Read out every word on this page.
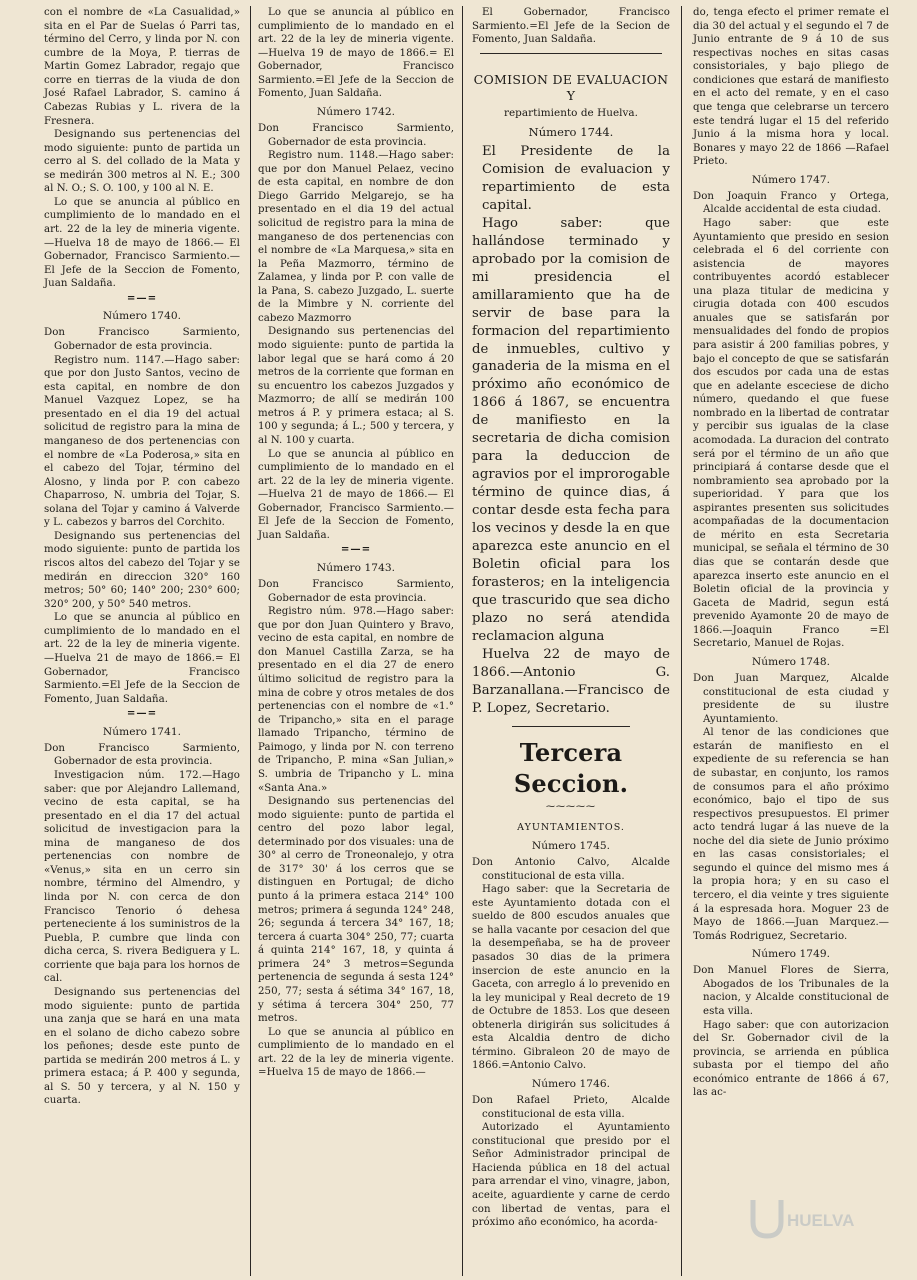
con el nombre de «La Casualidad,» sita en el Par de Suelas ó Parri tas, término del Cerro, y linda por N. con cumbre de la Moya, P. tierras de Martin Gomez Labrador, regajo que corre en tierras de la viuda de don José Rafael Labrador, S. camino á Cabezas Rubias y L. rivera de la Fresnera.

Designando sus pertenencias del modo siguiente: punto de partida un cerro al S. del collado de la Mata y se medirán 300 metros al N. E.; 300 al N. O.; S. O. 100, y 100 al N. E.

Lo que se anuncia al público en cumplimiento de lo mandado en el art. 22 de la ley de mineria vigente. —Huelva 18 de mayo de 1866.— El Gobernador, Francisco Sarmiento.—El Jefe de la Seccion de Fomento, Juan Saldaña.

=—=
Número 1740.

Don Francisco Sarmiento, Gobernador de esta provincia.

Registro num. 1147.—Hago saber: que por don Justo Santos, vecino de esta capital, en nombre de don Manuel Vazquez Lopez, se ha presentado en el dia 19 del actual solicitud de registro para la mina de manganeso de dos pertenencias con el nombre de «La Poderosa,» sita en el cabezo del Tojar, término del Alosno, y linda por P. con cabezo Chaparroso, N. umbria del Tojar, S. solana del Tojar y camino á Valverde y L. cabezos y barros del Corchito.

Designando sus pertenencias del modo siguiente: punto de partida los riscos altos del cabezo del Tojar y se medirán en direccion 320° 160 metros; 50° 60; 140° 200; 230° 600; 320° 200, y 50° 540 metros.

Lo que se anuncia al público en cumplimiento de lo mandado en el art. 22 de la ley de mineria vigente. —Huelva 21 de mayo de 1866.= El Gobernador, Francisco Sarmiento.=El Jefe de la Seccion de Fomento, Juan Saldaña.

=—=
Número 1741.

Don Francisco Sarmiento, Gobernador de esta provincia.

Investigacion núm. 172.—Hago saber: que por Alejandro Lallemand, vecino de esta capital, se ha presentado en el dia 17 del actual solicitud de investigacion para la mina de manganeso de dos pertenencias con nombre de «Venus,» sita en un cerro sin nombre, término del Almendro, y linda por N. con cerca de don Francisco Tenorio ó dehesa perteneciente á los suministros de la Puebla, P. cumbre que linda con dicha cerca, S. rivera Bediguera y L. corriente que baja para los hornos de cal.

Designando sus pertenencias del modo siguiente: punto de partida una zanja que se hará en una mata en el solano de dicho cabezo sobre los peñones; desde este punto de partida se medirán 200 metros á L. y primera estaca; á P. 400 y segunda, al S. 50 y tercera, y al N. 150 y cuarta.

Lo que se anuncia al público en cumplimiento de lo mandado en el art. 22 de la ley de mineria vigente. —Huelva 19 de mayo de 1866.= El Gobernador, Francisco Sarmiento.=El Jefe de la Seccion de Fomento, Juan Saldaña.

Número 1742.

Don Francisco Sarmiento, Gobernador de esta provincia.

Registro num. 1148.—Hago saber: que por don Manuel Pelaez, vecino de esta capital, en nombre de don Diego Garrido Melgarejo, se ha presentado en el dia 19 del actual solicitud de registro para la mina de manganeso de dos pertenencias con el nombre de «La Marquesa,» sita en la Peña Mazmorro, término de Zalamea, y linda por P. con valle de la Pana, S. cabezo Juzgado, L. suerte de la Mimbre y N. corriente del cabezo Mazmorro

Designando sus pertenencias del modo siguiente: punto de partida la labor legal que se hará como á 20 metros de la corriente que forman en su encuentro los cabezos Juzgados y Mazmorro; de allí se medirán 100 metros á P. y primera estaca; al S. 100 y segunda; á L.; 500 y tercera, y al N. 100 y cuarta.

Lo que se anuncia al público en cumplimiento de lo mandado en el art. 22 de la ley de mineria vigente. —Huelva 21 de mayo de 1866.— El Gobernador, Francisco Sarmiento.—El Jefe de la Seccion de Fomento, Juan Saldaña.

=—=
Número 1743.

Don Francisco Sarmiento, Gobernador de esta provincia.

Registro núm. 978.—Hago saber: que por don Juan Quintero y Bravo, vecino de esta capital, en nombre de don Manuel Castilla Zarza, se ha presentado en el dia 27 de enero último solicitud de registro para la mina de cobre y otros metales de dos pertenencias con el nombre de «1.° de Tripancho,» sita en el parage llamado Tripancho, término de Paimogo, y linda por N. con terreno de Tripancho, P. mina «San Julian,» S. umbria de Tripancho y L. mina «Santa Ana.»

Designando sus pertenencias del modo siguiente: punto de partida el centro del pozo labor legal, determinado por dos visuales: una de 30° al cerro de Troneonalejo, y otra de 317° 30' á los cerros que se distinguen en Portugal; de dicho punto á la primera estaca 214° 100 metros; primera á segunda 124° 248, 26; segunda á tercera 34° 167, 18; tercera á cuarta 304° 250, 77; cuarta á quinta 214° 167, 18, y quinta á primera 24° 3 metros=Segunda pertenencia de segunda á sesta 124° 250, 77; sesta á sétima 34° 167, 18, y sétima á tercera 304° 250, 77 metros.

Lo que se anuncia al público en cumplimiento de lo mandado en el art. 22 de la ley de mineria vigente. =Huelva 15 de mayo de 1866.—

El Gobernador, Francisco Sarmiento.=El Jefe de la Secion de Fomento, Juan Saldaña.

COMISION DE EVALUACION Y
repartimiento de Huelva.
Número 1744.

El Presidente de la Comision de evaluacion y repartimiento de esta capital.

Hago saber: que hallándose terminado y aprobado por la comision de mi presidencia el amillaramiento que ha de servir de base para la formacion del repartimiento de inmuebles, cultivo y ganaderia de la misma en el próximo año económico de 1866 á 1867, se encuentra de manifiesto en la secretaria de dicha comision para la deduccion de agravios por el improrogable término de quince dias, á contar desde esta fecha para los vecinos y desde la en que aparezca este anuncio en el Boletin oficial para los forasteros; en la inteligencia que trascurido que sea dicho plazo no será atendida reclamacion alguna

Huelva 22 de mayo de 1866.—Antonio G. Barzanallana.—Francisco de P. Lopez, Secretario.

Tercera Seccion.
⁓⁓⁓⁓⁓
AYUNTAMIENTOS.
Número 1745.

Don Antonio Calvo, Alcalde constitucional de esta villa.

Hago saber: que la Secretaria de este Ayuntamiento dotada con el sueldo de 800 escudos anuales que se halla vacante por cesacion del que la desempeñaba, se ha de proveer pasados 30 dias de la primera insercion de este anuncio en la Gaceta, con arreglo á lo prevenido en la ley municipal y Real decreto de 19 de Octubre de 1853. Los que deseen obtenerla dirigirán sus solicitudes á esta Alcaldia dentro de dicho término. Gibraleon 20 de mayo de 1866.=Antonio Calvo.

Número 1746.

Don Rafael Prieto, Alcalde constitucional de esta villa.

Autorizado el Ayuntamiento constitucional que presido por el Señor Administrador principal de Hacienda pública en 18 del actual para arrendar el vino, vinagre, jabon, aceite, aguardiente y carne de cerdo con libertad de ventas, para el próximo año económico, ha acorda-

do, tenga efecto el primer remate el dia 30 del actual y el segundo el 7 de Junio entrante de 9 á 10 de sus respectivas noches en sitas casas consistoriales, y bajo pliego de condiciones que estará de manifiesto en el acto del remate, y en el caso que tenga que celebrarse un tercero este tendrá lugar el 15 del referido Junio á la misma hora y local. Bonares y mayo 22 de 1866 —Rafael Prieto.

Número 1747.

Don Joaquin Franco y Ortega, Alcalde accidental de esta ciudad.

Hago saber: que este Ayuntamiento que presido en sesion celebrada el 6 del corriente con asistencia de mayores contribuyentes acordó establecer una plaza titular de medicina y cirugia dotada con 400 escudos anuales que se satisfarán por mensualidades del fondo de propios para asistir á 200 familias pobres, y bajo el concepto de que se satisfarán dos escudos por cada una de estas que en adelante esceciese de dicho número, quedando el que fuese nombrado en la libertad de contratar y percibir sus igualas de la clase acomodada. La duracion del contrato será por el término de un año que principiará á contarse desde que el nombramiento sea aprobado por la superioridad. Y para que los aspirantes presenten sus solicitudes acompañadas de la documentacion de mérito en esta Secretaria municipal, se señala el término de 30 dias que se contarán desde que aparezca inserto este anuncio en el Boletin oficial de la provincia y Gaceta de Madrid, segun está prevenido Ayamonte 20 de mayo de 1866.—Joaquin Franco =El Secretario, Manuel de Rojas.

Número 1748.

Don Juan Marquez, Alcalde constitucional de esta ciudad y presidente de su ilustre Ayuntamiento.

Al tenor de las condiciones que estarán de manifiesto en el expediente de su referencia se han de subastar, en conjunto, los ramos de consumos para el año próximo económico, bajo el tipo de sus respectivos presupuestos. El primer acto tendrá lugar á las nueve de la noche del dia siete de Junio próximo en las casas consistoriales; el segundo el quince del mismo mes á la propia hora; y en su caso el tercero, el dia veinte y tres siguiente á la espresada hora. Moguer 23 de Mayo de 1866.—Juan Marquez.—Tomás Rodriguez, Secretario.

Número 1749.

Don Manuel Flores de Sierra, Abogados de los Tribunales de la nacion, y Alcalde constitucional de esta villa.

Hago saber: que con autorizacion del Sr. Gobernador civil de la provincia, se arrienda en pública subasta por el tiempo del año económico entrante de 1866 á 67, las ac-

HUELVA
